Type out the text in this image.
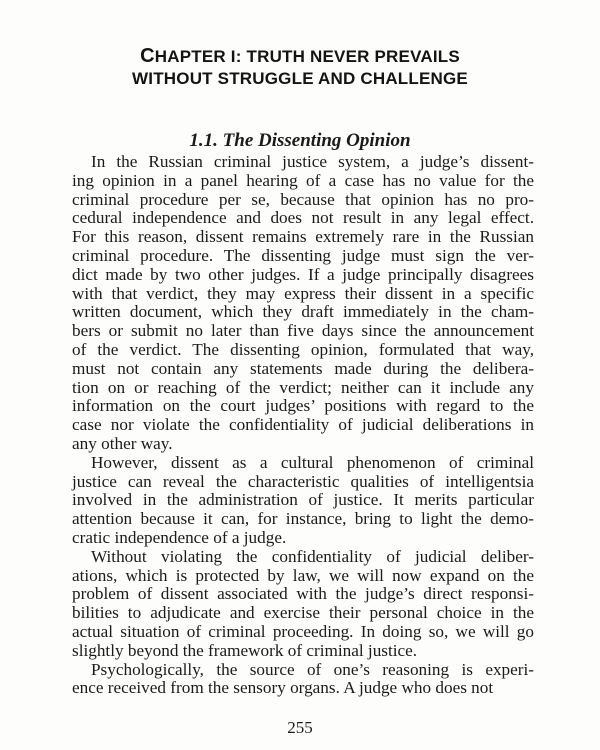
CHAPTER I: TRUTH NEVER PREVAILS
WITHOUT STRUGGLE AND CHALLENGE
1.1. The Dissenting Opinion
In the Russian criminal justice system, a judge’s dissent-
ing opinion in a panel hearing of a case has no value for the
criminal procedure per se, because that opinion has no pro-
cedural independence and does not result in any legal effect.
For this reason, dissent remains extremely rare in the Russian
criminal procedure. The dissenting judge must sign the ver-
dict made by two other judges. If a judge principally disagrees
with that verdict, they may express their dissent in a specific
written document, which they draft immediately in the cham-
bers or submit no later than five days since the announcement
of the verdict. The dissenting opinion, formulated that way,
must not contain any statements made during the delibera-
tion on or reaching of the verdict; neither can it include any
information on the court judges’ positions with regard to the
case nor violate the confidentiality of judicial deliberations in
any other way.
However, dissent as a cultural phenomenon of criminal
justice can reveal the characteristic qualities of intelligentsia
involved in the administration of justice. It merits particular
attention because it can, for instance, bring to light the demo-
cratic independence of a judge.
Without violating the confidentiality of judicial deliber-
ations, which is protected by law, we will now expand on the
problem of dissent associated with the judge’s direct responsi-
bilities to adjudicate and exercise their personal choice in the
actual situation of criminal proceeding. In doing so, we will go
slightly beyond the framework of criminal justice.
Psychologically, the source of one’s reasoning is experi-
ence received from the sensory organs. A judge who does not
255
